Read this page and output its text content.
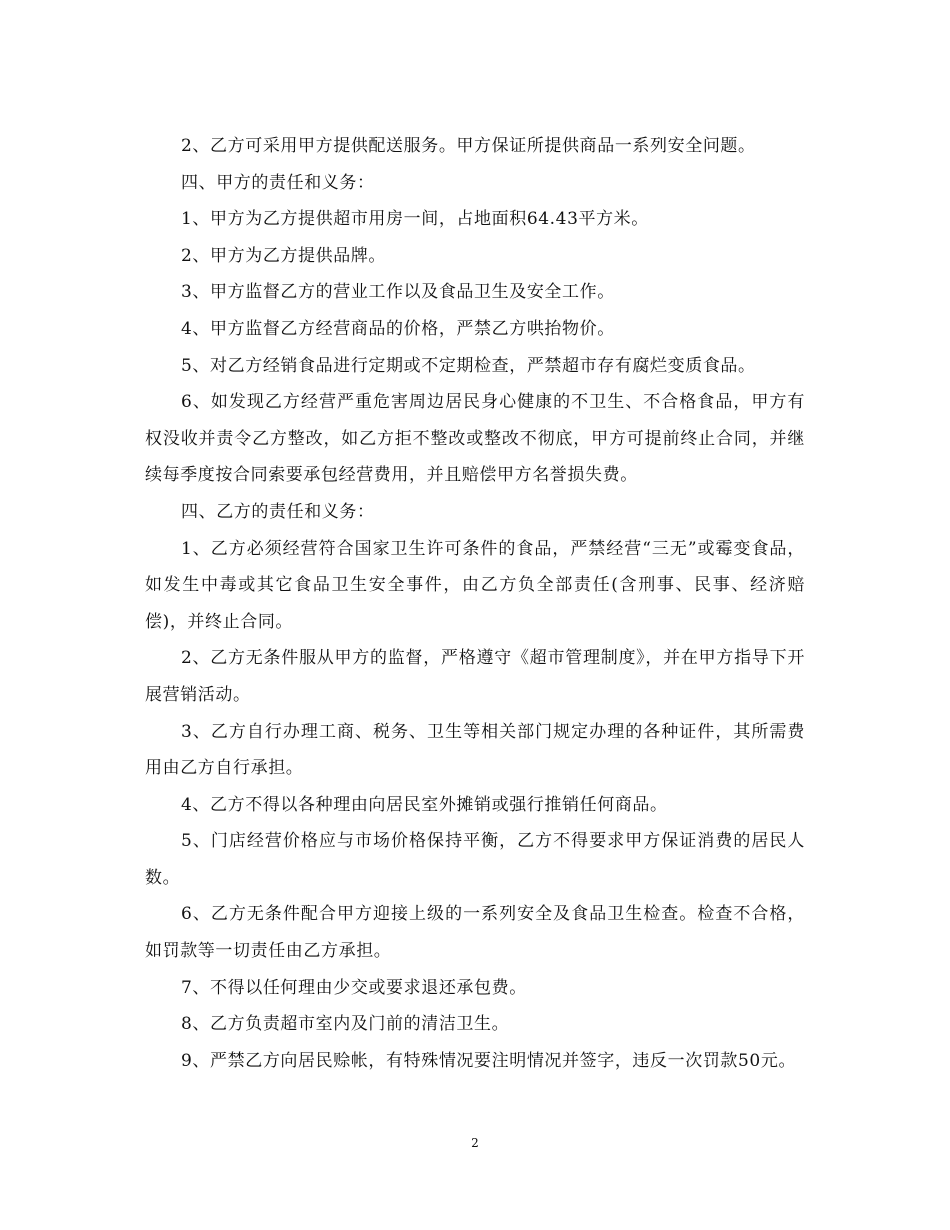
2、乙方可采用甲方提供配送服务。甲方保证所提供商品一系列安全问题。

四、甲方的责任和义务：

1、甲方为乙方提供超市用房一间，占地面积64.43平方米。

2、甲方为乙方提供品牌。

3、甲方监督乙方的营业工作以及食品卫生及安全工作。

4、甲方监督乙方经营商品的价格，严禁乙方哄抬物价。

5、对乙方经销食品进行定期或不定期检查，严禁超市存有腐烂变质食品。

6、如发现乙方经营严重危害周边居民身心健康的不卫生、不合格食品，甲方有权没收并责令乙方整改，如乙方拒不整改或整改不彻底，甲方可提前终止合同，并继续每季度按合同索要承包经营费用，并且赔偿甲方名誉损失费。

四、乙方的责任和义务：

1、乙方必须经营符合国家卫生许可条件的食品，严禁经营“三无”或霉变食品，如发生中毒或其它食品卫生安全事件，由乙方负全部责任(含刑事、民事、经济赔偿)，并终止合同。

2、乙方无条件服从甲方的监督，严格遵守《超市管理制度》，并在甲方指导下开展营销活动。

3、乙方自行办理工商、税务、卫生等相关部门规定办理的各种证件，其所需费用由乙方自行承担。

4、乙方不得以各种理由向居民室外摊销或强行推销任何商品。

5、门店经营价格应与市场价格保持平衡，乙方不得要求甲方保证消费的居民人数。

6、乙方无条件配合甲方迎接上级的一系列安全及食品卫生检查。检查不合格，如罚款等一切责任由乙方承担。

7、不得以任何理由少交或要求退还承包费。

8、乙方负责超市室内及门前的清洁卫生。

9、严禁乙方向居民赊帐，有特殊情况要注明情况并签字，违反一次罚款50元。

2
